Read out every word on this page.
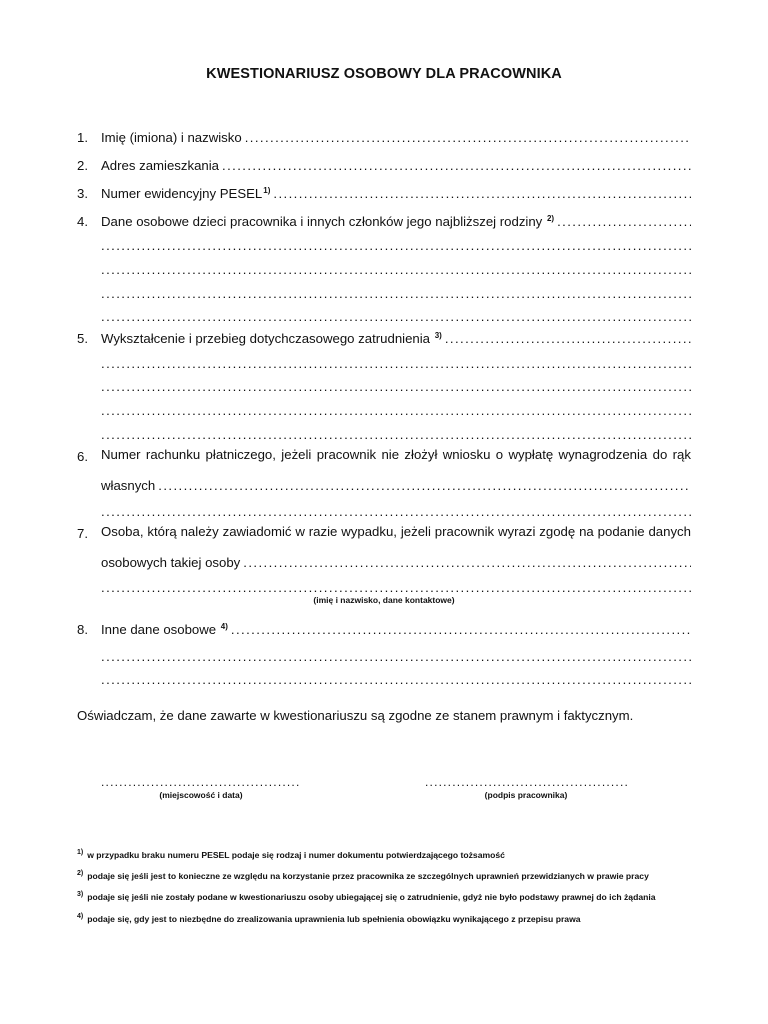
KWESTIONARIUSZ OSOBOWY DLA PRACOWNIKA
1. Imię (imiona) i nazwisko
.....
2. Adres zamieszkania
.....
3. Numer ewidencyjny PESEL$^{1)}$
.....
4. Dane osobowe dzieci pracownika i innych członków jego najbliższej rodziny $^{2)}$
.....
.....
.....
.....
.....
5. Wykształcenie i przebieg dotychczasowego zatrudnienia $^{3)}$
.....
.....
.....
.....
.....
6. Numer rachunku płatniczego, jeżeli pracownik nie złożył wniosku o wypłatę wynagrodzenia do rąk
własnych
.....
.....
7. Osoba, którą należy zawiadomić w razie wypadku, jeżeli pracownik wyrazi zgodę na podanie danych
osobowych takiej osoby
.....
.....
(imię i nazwisko, dane kontaktowe)
8. Inne dane osobowe $^{4)}$
.....
.....
.....
Oświadczam, że dane zawarte w kwestionariuszu są zgodne ze stanem prawnym i faktycznym.
.....
(miejscowość i data)
.....	(podpis pracownika)
$^{1)}$ w przypadku braku numeru PESEL podaje się rodzaj i numer dokumentu potwierdzającego tożsamość
$^{2)}$ podaje się jeśli jest to konieczne ze względu na korzystanie przez pracownika ze szczególnych uprawnień przewidzianych w prawie pracy
$^{3)}$ podaje się jeśli nie zostały podane w kwestionariuszu osoby ubiegającej się o zatrudnienie, gdyż nie było podstawy prawnej do ich żądania
$^{4)}$ podaje się, gdy jest to niezbędne do zrealizowania uprawnienia lub spełnienia obowiązku wynikającego z przepisu prawa
